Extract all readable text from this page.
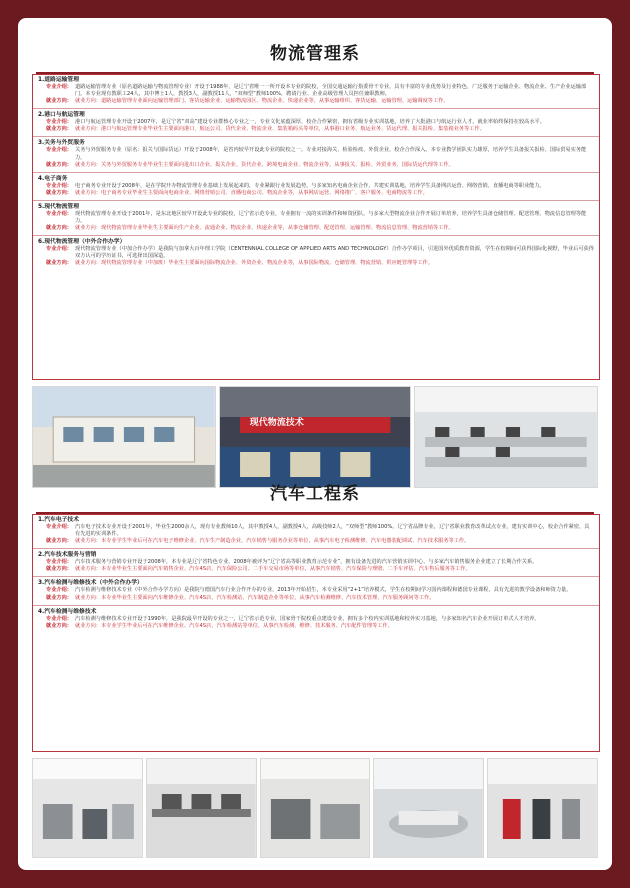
物流管理系
1.道路运输管理
专业介绍： 道路运输管理专业（原名道路运输与物流管理专业）开设于1988年，是辽宁省唯一一所开设本专业的院校，全国交通运输行指委骨干专业，具有丰富的专业优势及行业特色，广泛服务于运输企业、物流企业、生产企业运输部门。本专业现有教职工24人，其中博士1人，教授3人，副教授11人，“双师型”教师100%，聘请行业、企业高级管理人员担任兼职教师。
就业方向： 就业方向：道路运输管理专业面向运输管理部门、客货运输企业、运输物流园区、物流企业、快递企业等，从事运输组织、客货运输、运输管理、运输调度等工作。
2.港口与航运管理
专业介绍： 港口与航运管理专业开设于2007年，是辽宁省“双高”建设专业群核心专业之一，专业文化底蕴深厚，校企合作紧密，拥有省级专业实训基地，培养了大批港口与航运行业人才，就业率始终保持在较高水平。
就业方向： 就业方向：港口与航运管理专业毕业生主要面向港口、航运公司、货代企业、物流企业、集装箱码头等单位，从事港口业务、航运业务、货运代理、报关报检、集装箱业务等工作。
3.关务与外贸服务
专业介绍： 关务与外贸服务专业（原名：报关与国际货运）开设于2008年，是省内较早开设此专业的院校之一。专业对接海关、检验检疫、外贸企业，校企合作深入，本专业教学团队实力雄厚，培养学生具备报关报检、国际贸易实务能力。
就业方向： 就业方向：关务与外贸服务专业毕业生主要面向进出口企业、报关企业、货代企业、跨境电商企业、物流企业等，从事报关、报检、外贸业务、国际货运代理等工作。
4.电子商务
专业介绍： 电子商务专业开设于2008年，是在学院开办物流管理专业基础上发展起来的，专业紧跟行业发展趋势，与多家知名电商企业合作，共建实训基地，培养学生具备网店运营、网络营销、直播电商等职业能力。
就业方向： 就业方向：电子商务专业毕业生主要面向电商企业、网络营销公司、直播电商公司、物流企业等，从事网店运营、网络推广、客户服务、电商物流等工作。
5.现代物流管理
专业介绍： 现代物流管理专业开设于2001年，是东北地区较早开设此专业的院校，辽宁省示范专业，专业拥有一流的实训条件和师资团队，与多家大型物流企业合作开展订单培养，培养学生具备仓储管理、配送管理、物流信息管理等能力。
就业方向： 就业方向：现代物流管理专业毕业生主要面向生产企业、流通企业、物流企业、快递企业等，从事仓储管理、配送管理、运输管理、物流信息管理、物流营销等工作。
6.现代物流管理（中外合作办学）
专业介绍： 现代物流管理专业（中加合作办学）是我院与加拿大百年理工学院（CENTENNIAL COLLEGE OF APPLIED ARTS AND TECHNOLOGY）合作办学项目，引进国外优质教育资源，学生在校期间可获得国际化视野，毕业后可获得双方认可的学历证书，可选择出国深造。
就业方向： 就业方向：现代物流管理专业（中加班）毕业生主要面向国际物流企业、外资企业、物流企业等，从事国际物流、仓储管理、物流营销、供应链管理等工作。
现代物流技术
汽车工程系
1.汽车电子技术
专业介绍： 汽车电子技术专业开设于2001年，毕业生2000余人，现有专业教师10人，其中教授4人，副教授4人，高级技师2人，“双师型”教师100%。辽宁省品牌专业，辽宁省职业教育改革试点专业，建有实训中心，校企合作紧密，具有先进的实训条件。
就业方向： 就业方向：本专业学生毕业后可在汽车电子维修企业、汽车生产制造企业、汽车销售与服务企业等单位，从事汽车电子检测维修、汽车电器装配调试、汽车技术服务等工作。
2.汽车技术服务与营销
专业介绍： 汽车技术服务与营销专业开设于2008年，本专业是辽宁省特色专业，2008年被评为“辽宁省高等职业教育示范专业”，拥有设备先进的汽车营销实训中心，与多家汽车销售服务企业建立了长期合作关系。
就业方向： 就业方向：本专业毕业生主要面向汽车销售企业、汽车4S店、汽车保险公司、二手车交易市场等单位，从事汽车销售、汽车保险与理赔、二手车评估、汽车售后服务等工作。
3.汽车检测与维修技术（中外合作办学）
专业介绍： 汽车检测与维修技术专业（中外合作办学方向）是我院与德国汽车行业合作开办的专业，2013年开始招生，本专业采用“2+1”培养模式，学生在校期间学习国内课程和德国专业课程，具有先进的教学设备和师资力量。
就业方向： 就业方向：本专业毕业生主要面向汽车维修企业、汽车4S店、汽车检测站、汽车制造企业等单位，从事汽车检测维修、汽车技术管理、汽车服务顾问等工作。
4.汽车检测与维修技术
专业介绍： 汽车检测与维修技术专业开设于1990年，是我院最早开设的专业之一，辽宁省示范专业，国家骨干院校重点建设专业，拥有多个校内实训基地和校外实习基地，与多家知名汽车企业开展订单式人才培养。
就业方向： 就业方向：本专业学生毕业后可在汽车维修企业、汽车4S店、汽车检测站等单位，从事汽车检测、维修、技术服务、汽车配件管理等工作。
